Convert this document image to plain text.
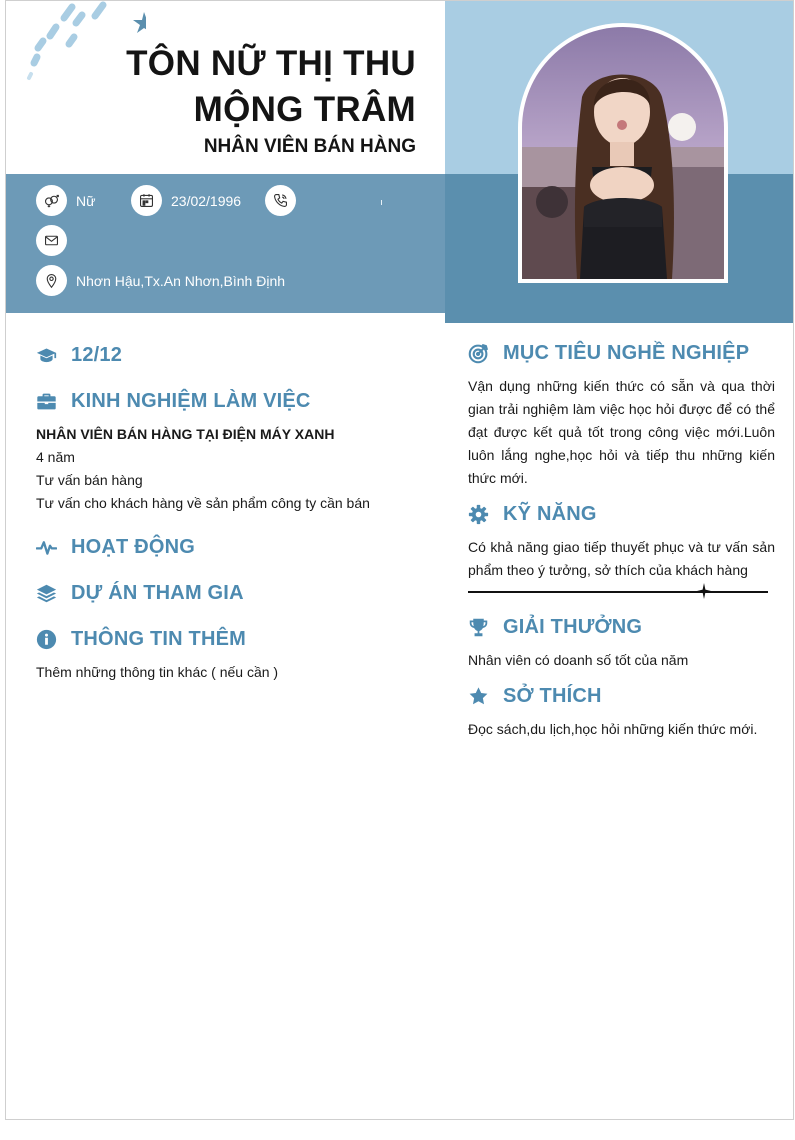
TÔN NỮ THỊ THU
MỘNG TRÂM
NHÂN VIÊN BÁN HÀNG
Nữ	23/02/1996
Nhơn Hậu,Tx.An Nhơn,Bình Định
12/12
KINH NGHIỆM LÀM VIỆC
NHÂN VIÊN BÁN HÀNG TẠI ĐIỆN MÁY XANH
4 năm
Tư vấn bán hàng
Tư vấn cho khách hàng về sản phẩm công ty cần bán
HOẠT ĐỘNG
DỰ ÁN THAM GIA
THÔNG TIN THÊM
Thêm những thông tin khác ( nếu cần )
MỤC TIÊU NGHỀ NGHIỆP
Vận dụng những kiến thức có sẵn và qua thời gian trải nghiệm làm việc học hỏi được để có thể đạt được kết quả tốt trong công việc mới.Luôn luôn lắng nghe,học hỏi và tiếp thu những kiến thức mới.
KỸ NĂNG
Có khả năng giao tiếp thuyết phục và tư vấn sản phẩm theo ý tưởng, sở thích của khách hàng
GIẢI THƯỞNG
Nhân viên có doanh số tốt của năm
SỞ THÍCH
Đọc sách,du lịch,học hỏi những kiến thức mới.
